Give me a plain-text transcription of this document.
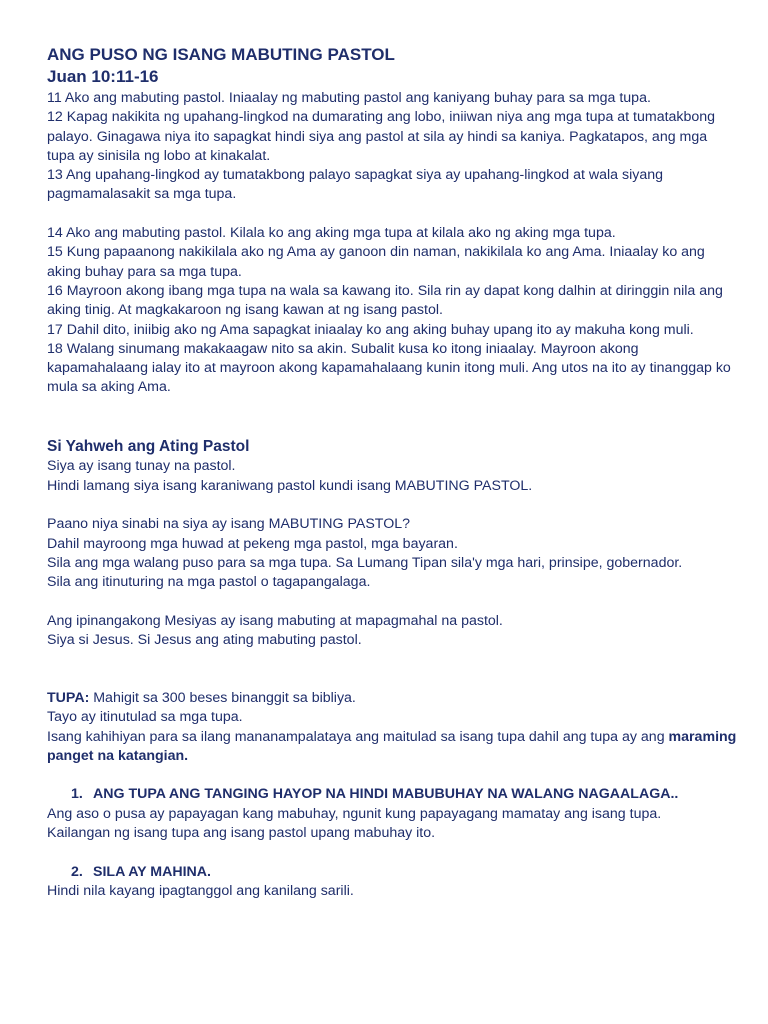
ANG PUSO NG ISANG MABUTING PASTOL

Juan 10:11-16

11 Ako ang mabuting pastol. Iniaalay ng mabuting pastol ang kaniyang buhay para sa mga tupa.

12 Kapag nakikita ng upahang-lingkod na dumarating ang lobo, iniiwan niya ang mga tupa at tumatakbong palayo. Ginagawa niya ito sapagkat hindi siya ang pastol at sila ay hindi sa kaniya. Pagkatapos, ang mga tupa ay sinisila ng lobo at kinakalat.

13 Ang upahang-lingkod ay tumatakbong palayo sapagkat siya ay upahang-lingkod at wala siyang pagmamalasakit sa mga tupa.

14 Ako ang mabuting pastol. Kilala ko ang aking mga tupa at kilala ako ng aking mga tupa.

15 Kung papaanong nakikilala ako ng Ama ay ganoon din naman, nakikilala ko ang Ama. Iniaalay ko ang aking buhay para sa mga tupa.

16 Mayroon akong ibang mga tupa na wala sa kawang ito. Sila rin ay dapat kong dalhin at diringgin nila ang aking tinig. At magkakaroon ng isang kawan at ng isang pastol.

17 Dahil dito, iniibig ako ng Ama sapagkat iniaalay ko ang aking buhay upang ito ay makuha kong muli.

18 Walang sinumang makakaagaw nito sa akin. Subalit kusa ko itong iniaalay. Mayroon akong kapamahalaang ialay ito at mayroon akong kapamahalaang kunin itong muli. Ang utos na ito ay tinanggap ko mula sa aking Ama.

Si Yahweh ang Ating Pastol

Siya ay isang tunay na pastol.

Hindi lamang siya isang karaniwang pastol kundi isang MABUTING PASTOL.

Paano niya sinabi na siya ay isang MABUTING PASTOL?

Dahil mayroong mga huwad at pekeng mga pastol, mga bayaran.

Sila ang mga walang puso para sa mga tupa. Sa Lumang Tipan sila'y mga hari, prinsipe, gobernador.

Sila ang itinuturing na mga pastol o tagapangalaga.

Ang ipinangakong Mesiyas ay isang mabuting at mapagmahal na pastol.

Siya si Jesus. Si Jesus ang ating mabuting pastol.

TUPA: Mahigit sa 300 beses binanggit sa bibliya.

Tayo ay itinutulad sa mga tupa.

Isang kahihiyan para sa ilang mananampalataya ang maitulad sa isang tupa dahil ang tupa ay ang maraming panget na katangian.

1. ANG TUPA ANG TANGING HAYOP NA HINDI MABUBUHAY NA WALANG NAGAALAGA..

Ang aso o pusa ay papayagan kang mabuhay, ngunit kung papayagang mamatay ang isang tupa.

Kailangan ng isang tupa ang isang pastol upang mabuhay ito.

2. SILA AY MAHINA.

Hindi nila kayang ipagtanggol ang kanilang sarili.
